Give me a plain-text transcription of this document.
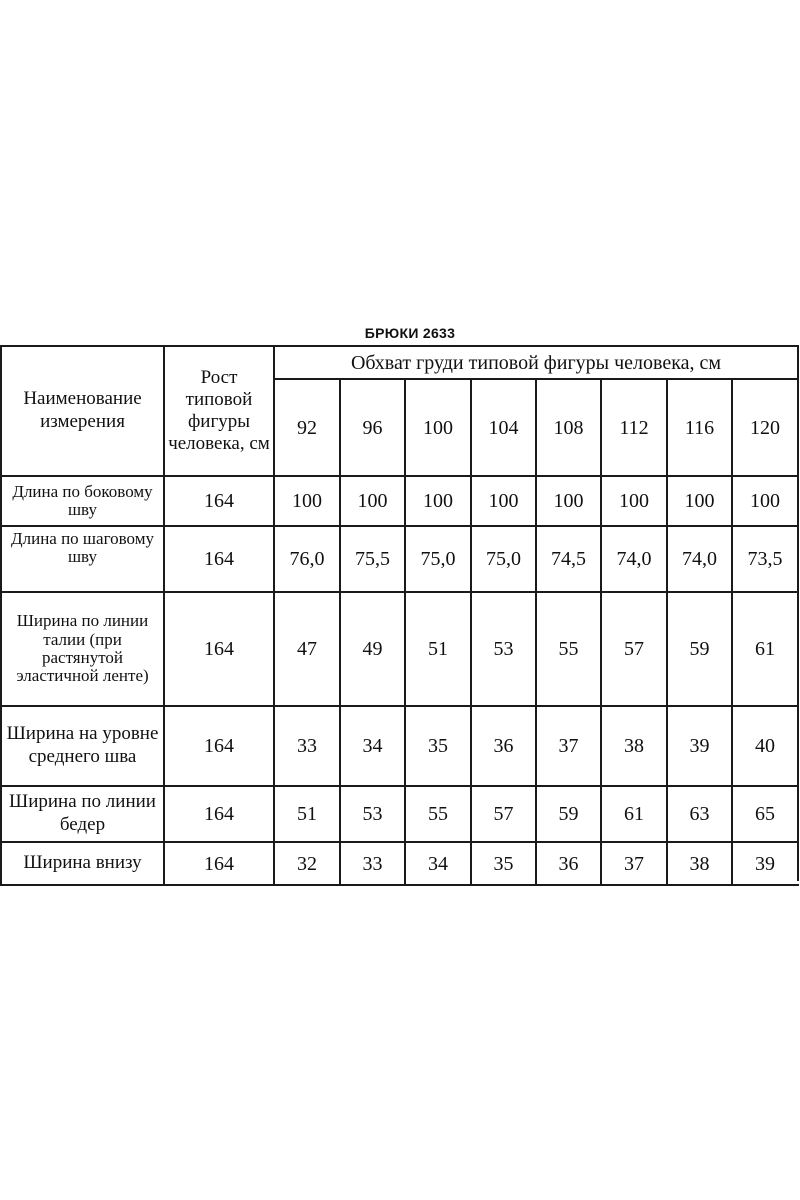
БРЮКИ 2633
Наименование измерения	Рост типовой фигуры человека, см	Обхват груди типовой фигуры человека, см							
		92	96	100	104	108	112	116	120
Длина по боковому шву	164	100	100	100	100	100	100	100	100

Длина по шаговому шву	164	76,0	75,5	75,0	75,0	74,5	74,0	74,0	73,5
Ширина по линии талии (при растянутой эластичной ленте)	164	47	49	51	53	55	57	59	61
Ширина на уровне среднего шва	164	33	34	35	36	37	38	39	40
Ширина по линии бедер	164	51	53	55	57	59	61	63	65
Ширина внизу	164	32	33	34	35	36	37	38	39
